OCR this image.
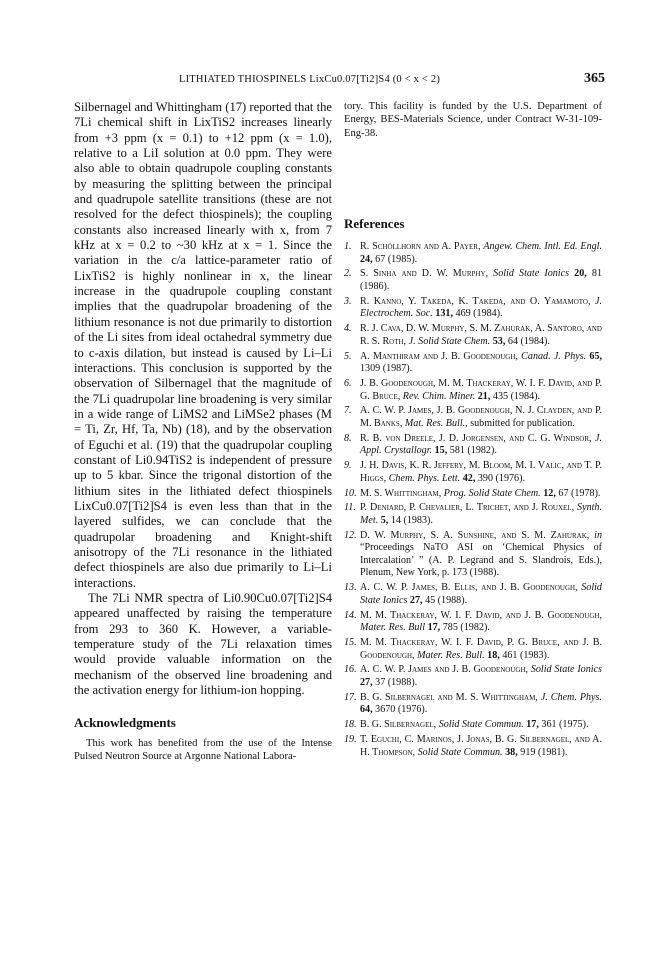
LITHIATED THIOSPINELS LixCu0.07[Ti2]S4 (0 < x < 2)	365

Silbernagel and Whittingham (17) reported that the 7Li chemical shift in LixTiS2 increases linearly from +3 ppm (x = 0.1) to +12 ppm (x = 1.0), relative to a LiI solution at 0.0 ppm. They were also able to obtain quadrupole coupling constants by measuring the splitting between the principal and quadrupole satellite transitions (these are not resolved for the defect thiospinels); the coupling constants also increased linearly with x, from 7 kHz at x = 0.2 to ~30 kHz at x = 1. Since the variation in the c/a lattice-parameter ratio of LixTiS2 is highly nonlinear in x, the linear increase in the quadrupole coupling constant implies that the quadrupolar broadening of the lithium resonance is not due primarily to distortion of the Li sites from ideal octahedral symmetry due to c-axis dilation, but instead is caused by Li–Li interactions. This conclusion is supported by the observation of Silbernagel that the magnitude of the 7Li quadrupolar line broadening is very similar in a wide range of LiMS2 and LiMSe2 phases (M = Ti, Zr, Hf, Ta, Nb) (18), and by the observation of Eguchi et al. (19) that the quadrupolar coupling constant of Li0.94TiS2 is independent of pressure up to 5 kbar. Since the trigonal distortion of the lithium sites in the lithiated defect thiospinels LixCu0.07[Ti2]S4 is even less than that in the layered sulfides, we can conclude that the quadrupolar broadening and Knight-shift anisotropy of the 7Li resonance in the lithiated defect thiospinels are also due primarily to Li–Li interactions.

The 7Li NMR spectra of Li0.90Cu0.07[Ti2]S4 appeared unaffected by raising the temperature from 293 to 360 K. However, a variable-temperature study of the 7Li relaxation times would provide valuable information on the mechanism of the observed line broadening and the activation energy for lithium-ion hopping.

Acknowledgments

This work has benefited from the use of the Intense Pulsed Neutron Source at Argonne National Labora-

tory. This facility is funded by the U.S. Department of Energy, BES-Materials Science, under Contract W-31-109-Eng-38.

References
1. R. Schöllhorn and A. Payer, Angew. Chem. Intl. Ed. Engl. 24, 67 (1985).
2. S. Sinha and D. W. Murphy, Solid State Ionics 20, 81 (1986).
3. R. Kanno, Y. Takeda, K. Takeda, and O. Yamamoto, J. Electrochem. Soc. 131, 469 (1984).
4. R. J. Cava, D. W. Murphy, S. M. Zahurak, A. Santoro, and R. S. Roth, J. Solid State Chem. 53, 64 (1984).
5. A. Manthiram and J. B. Goodenough, Canad. J. Phys. 65, 1309 (1987).
6. J. B. Goodenough, M. M. Thackeray, W. I. F. David, and P. G. Bruce, Rev. Chim. Miner. 21, 435 (1984).
7. A. C. W. P. James, J. B. Goodenough, N. J. Clayden, and P. M. Banks, Mat. Res. Bull., submitted for publication.
8. R. B. von Dreele, J. D. Jorgensen, and C. G. Windsor, J. Appl. Crystallogr. 15, 581 (1982).
9. J. H. Davis, K. R. Jeffery, M. Bloom, M. I. Valic, and T. P. Higgs, Chem. Phys. Lett. 42, 390 (1976).
10. M. S. Whittingham, Prog. Solid State Chem. 12, 67 (1978).
11. P. Deniard, P. Chevalier, L. Trichet, and J. Rouxel, Synth. Met. 5, 14 (1983).
12. D. W. Murphy, S. A. Sunshine, and S. M. Zahurak, in “Proceedings NaTO ASI on ‘Chemical Physics of Intercalation’ ” (A. P. Legrand and S. Slandrois, Eds.), Plenum, New York, p. 173 (1988).
13. A. C. W. P. James, B. Ellis, and J. B. Goodenough, Solid State Ionics 27, 45 (1988).
14. M. M. Thackeray, W. I. F. David, and J. B. Goodenough, Mater. Res. Bull 17, 785 (1982).
15. M. M. Thackeray, W. I. F. David, P. G. Bruce, and J. B. Goodenough, Mater. Res. Bull. 18, 461 (1983).
16. A. C. W. P. James and J. B. Goodenough, Solid State Ionics 27, 37 (1988).
17. B. G. Silbernagel and M. S. Whittingham, J. Chem. Phys. 64, 3670 (1976).
18. B. G. Silbernagel, Solid State Commun. 17, 361 (1975).
19. T. Eguchi, C. Marinos, J. Jonas, B. G. Silbernagel, and A. H. Thompson, Solid State Commun. 38, 919 (1981).
